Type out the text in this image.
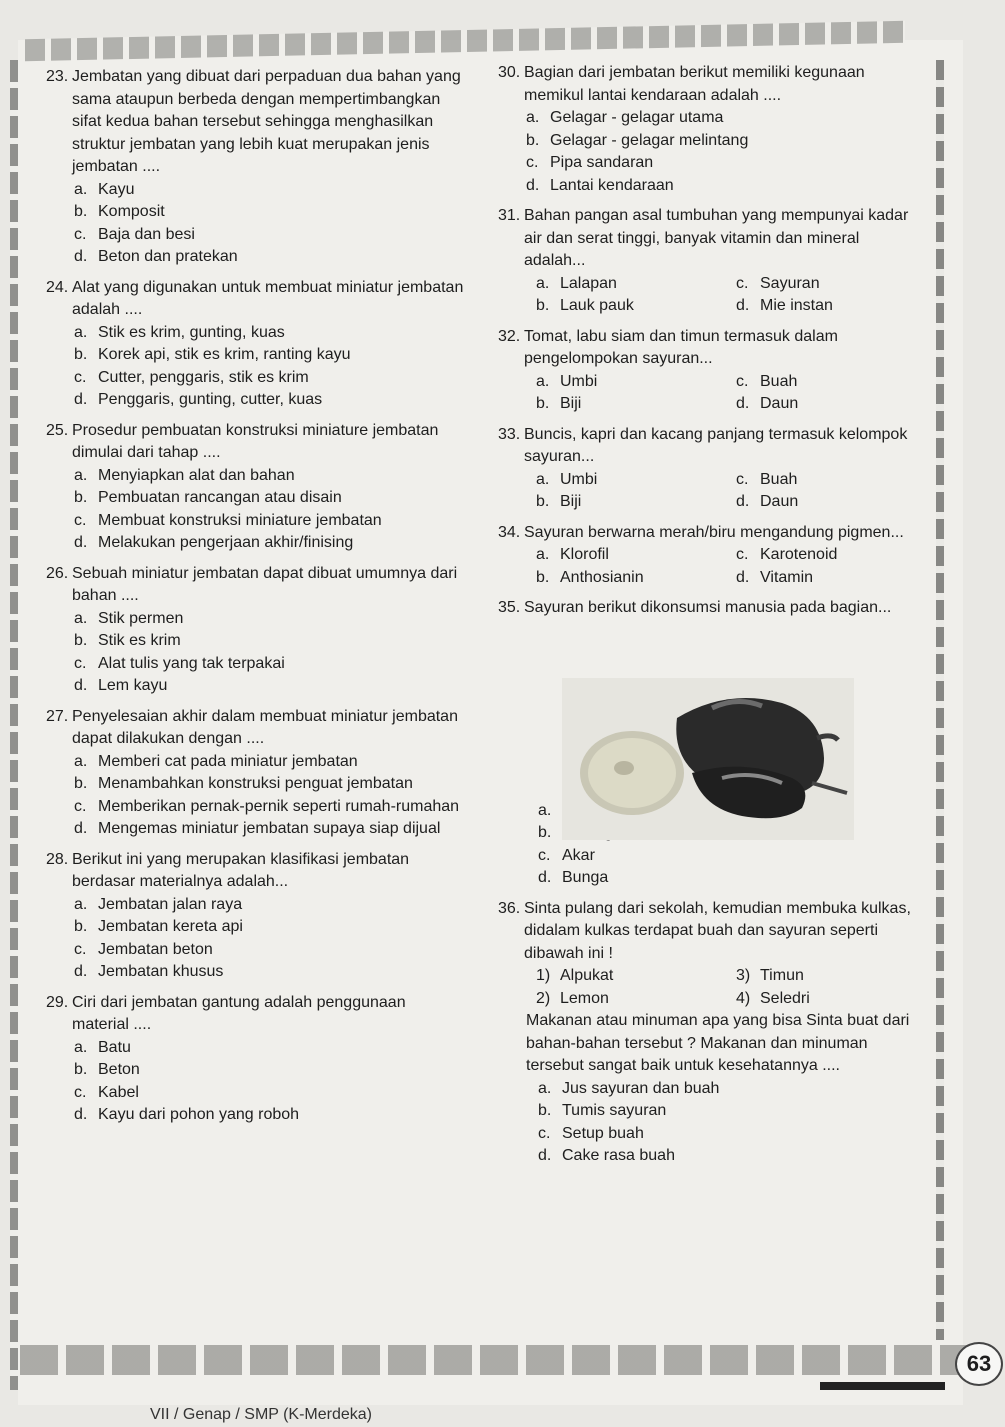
23. Jembatan yang dibuat dari perpaduan dua bahan yang sama ataupun berbeda dengan mempertimbangkan sifat kedua bahan tersebut sehingga menghasilkan struktur jembatan yang lebih kuat merupakan jenis jembatan ....
a. Kayu
b. Komposit
c. Baja dan besi
d. Beton dan pratekan
24. Alat yang digunakan untuk membuat miniatur jembatan adalah ....
a. Stik es krim, gunting, kuas
b. Korek api, stik es krim, ranting kayu
c. Cutter, penggaris, stik es krim
d. Penggaris, gunting, cutter, kuas
25. Prosedur pembuatan konstruksi miniature jembatan dimulai dari tahap ....
a. Menyiapkan alat dan bahan
b. Pembuatan rancangan atau disain
c. Membuat konstruksi miniature jembatan
d. Melakukan pengerjaan akhir/finising
26. Sebuah miniatur jembatan dapat dibuat umumnya dari bahan ....
a. Stik permen
b. Stik es krim
c. Alat tulis yang tak terpakai
d. Lem kayu
27. Penyelesaian akhir dalam membuat miniatur jembatan dapat dilakukan dengan ....
a. Memberi cat pada miniatur jembatan
b. Menambahkan konstruksi penguat jembatan
c. Memberikan pernak-pernik seperti rumah-rumahan
d. Mengemas miniatur jembatan supaya siap dijual
28. Berikut ini yang merupakan klasifikasi jembatan berdasar materialnya adalah...
a. Jembatan jalan raya
b. Jembatan kereta api
c. Jembatan beton
d. Jembatan khusus
29. Ciri dari jembatan gantung adalah penggunaan material ....
a. Batu
b. Beton
c. Kabel
d. Kayu dari pohon yang roboh
30. Bagian dari jembatan berikut memiliki kegunaan memikul lantai kendaraan adalah ....
a. Gelagar - gelagar utama
b. Gelagar - gelagar melintang
c. Pipa sandaran
d. Lantai kendaraan
31. Bahan pangan asal tumbuhan yang mempunyai kadar air dan serat tinggi, banyak vitamin dan mineral adalah...
a. Lalapan	c. Sayuran
b. Lauk pauk	d. Mie instan
32. Tomat, labu siam dan timun termasuk dalam pengelompokan sayuran...
a. Umbi	c. Buah
b. Biji	d. Daun
33. Buncis, kapri dan kacang panjang termasuk kelompok sayuran...
a. Umbi	c. Buah
b. Biji	d. Daun
34. Sayuran berwarna merah/biru mengandung pigmen...
a. Klorofil	c. Karotenoid
b. Anthosianin	d. Vitamin
35. Sayuran berikut dikonsumsi manusia pada bagian...
a.
b.
c. Akar
d. Bunga
36. Sinta pulang dari sekolah, kemudian membuka kulkas, didalam kulkas terdapat buah dan sayuran seperti dibawah ini !
1) Alpukat	3) Timun
2) Lemon	4) Seledri
Makanan atau minuman apa yang bisa Sinta buat dari bahan-bahan tersebut ? Makanan dan minuman tersebut sangat baik untuk kesehatannya ....
a. Jus sayuran dan buah
b. Tumis sayuran
c. Setup buah
d. Cake rasa buah
63
VII / Genap / SMP (K-Merdeka)
